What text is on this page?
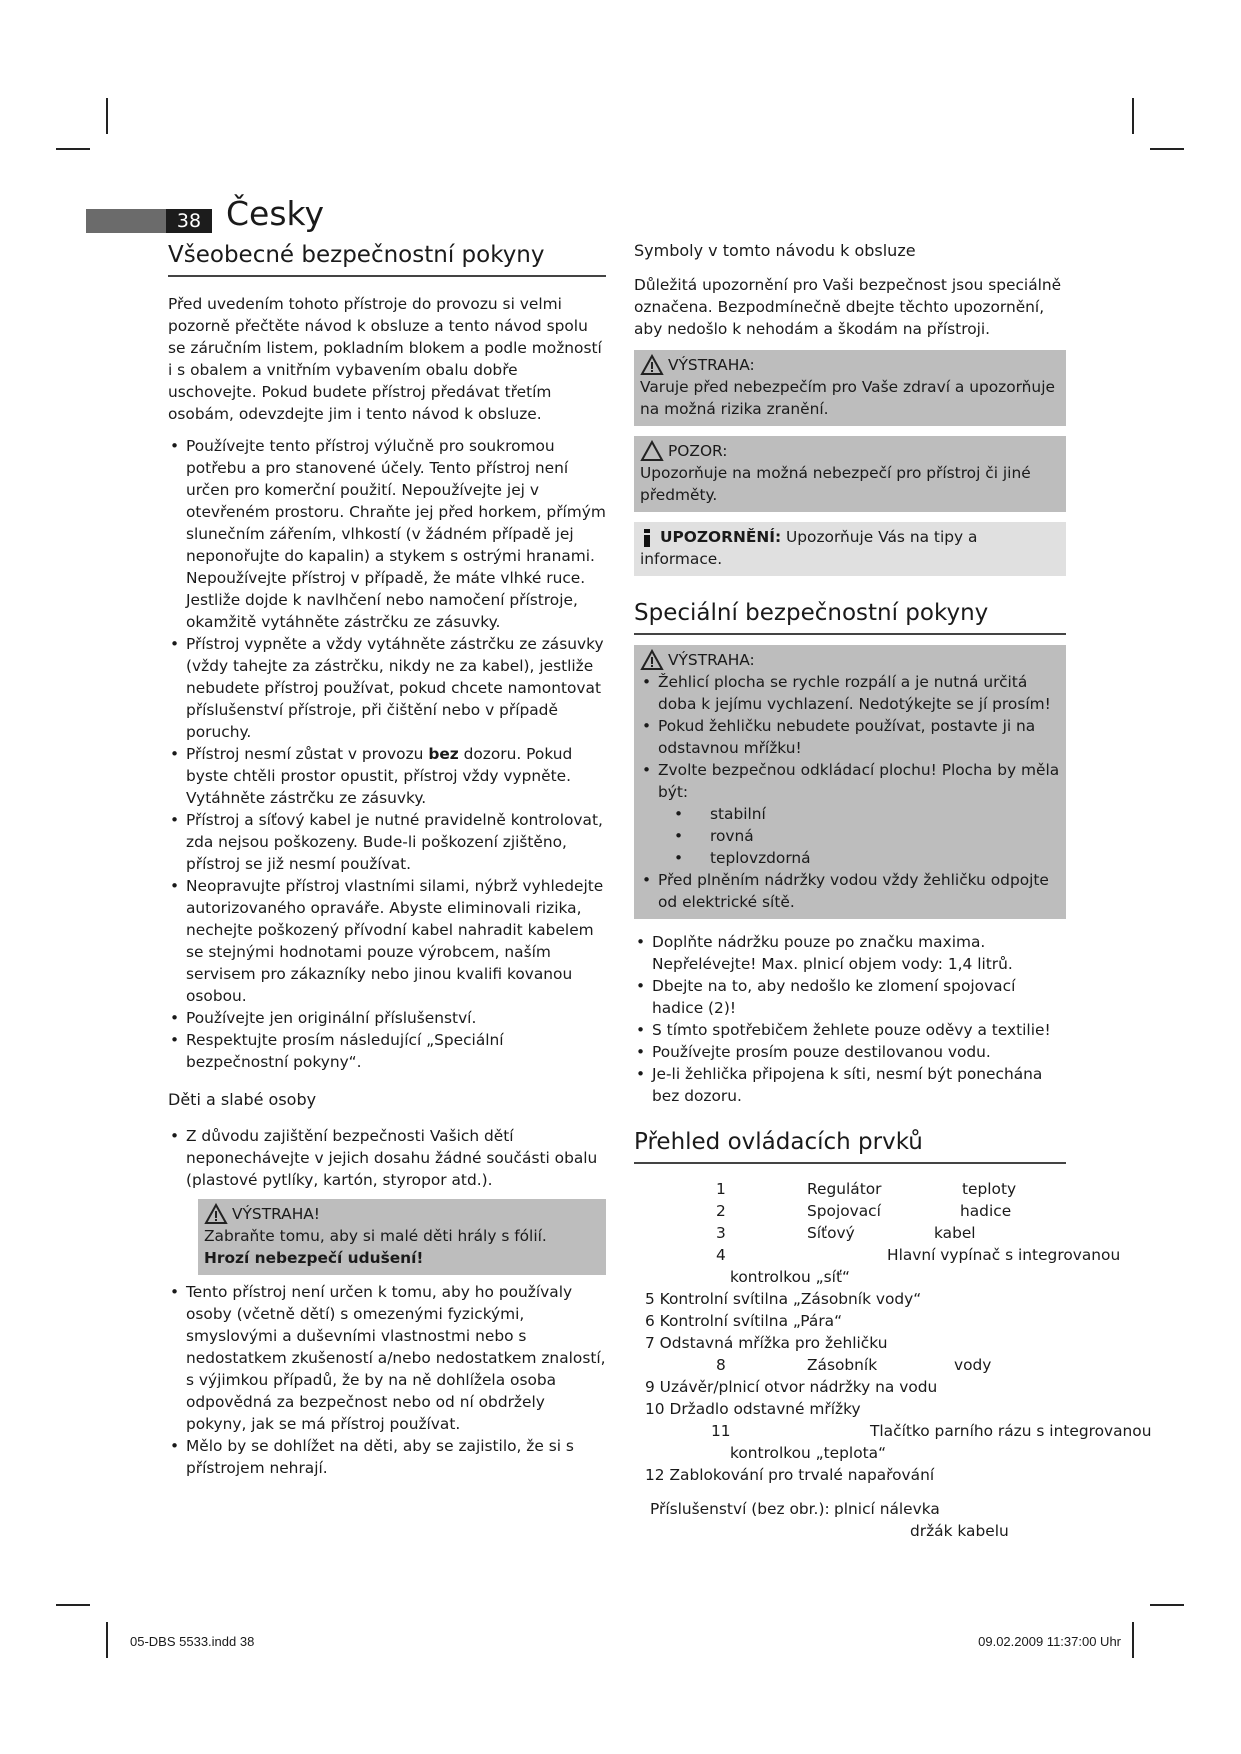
38 Česky
Všeobecné bezpečnostní pokyny

Před uvedením tohoto přístroje do provozu si velmi pozorně přečtěte návod k obsluze a tento návod spolu se záručním listem, pokladním blokem a podle možností i s obalem a vnitřním vybavením obalu dobře uschovejte. Pokud budete přístroj předávat třetím osobám, odevzdejte jim i tento návod k obsluze.

• Používejte tento přístroj výlučně pro soukromou potřebu a pro stanovené účely. Tento přístroj není určen pro komerční použití. Nepoužívejte jej v otevřeném prostoru. Chraňte jej před horkem, přímým slunečním zářením, vlhkostí (v žádném případě jej neponořujte do kapalin) a stykem s ostrými hranami. Nepoužívejte přístroj v případě, že máte vlhké ruce. Jestliže dojde k navlhčení nebo namočení přístroje, okamžitě vytáhněte zástrčku ze zásuvky.
• Přístroj vypněte a vždy vytáhněte zástrčku ze zásuvky (vždy tahejte za zástrčku, nikdy ne za kabel), jestliže nebudete přístroj používat, pokud chcete namontovat příslušenství přístroje, při čištění nebo v případě poruchy.
• Přístroj nesmí zůstat v provozu bez dozoru. Pokud byste chtěli prostor opustit, přístroj vždy vypněte. Vytáhněte zástrčku ze zásuvky.
• Přístroj a síťový kabel je nutné pravidelně kontrolovat, zda nejsou poškozeny. Bude-li poškození zjištěno, přístroj se již nesmí používat.
• Neopravujte přístroj vlastními silami, nýbrž vyhledejte autorizovaného opraváře. Abyste eliminovali rizika, nechejte poškozený přívodní kabel nahradit kabelem se stejnými hodnotami pouze výrobcem, naším servisem pro zákazníky nebo jinou kvalifi kovanou osobou.
• Používejte jen originální příslušenství.
• Respektujte prosím následující „Speciální bezpečnostní pokyny“.

Děti a slabé osoby

• Z důvodu zajištění bezpečnosti Vašich dětí neponechávejte v jejich dosahu žádné součásti obalu (plastové pytlíky, kartón, styropor atd.).
VÝSTRAHA!

Zabraňte tomu, aby si malé děti hrály s fólií.

Hrozí nebezpečí udušení!

• Tento přístroj není určen k tomu, aby ho používaly osoby (včetně dětí) s omezenými fyzickými, smyslovými a duševními vlastnostmi nebo s nedostatkem zkušeností a/nebo nedostatkem znalostí, s výjimkou případů, že by na ně dohlížela osoba odpovědná za bezpečnost nebo od ní obdržely pokyny, jak se má přístroj používat.
• Mělo by se dohlížet na děti, aby se zajistilo, že si s přístrojem nehrají.

Symboly v tomto návodu k obsluze

Důležitá upozornění pro Vaši bezpečnost jsou speciálně označena. Bezpodmínečně dbejte těchto upozornění, aby nedošlo k nehodám a škodám na přístroji.

VÝSTRAHA:

Varuje před nebezpečím pro Vaše zdraví a upozorňuje na možná rizika zranění.

POZOR:

Upozorňuje na možná nebezpečí pro přístroj či jiné předměty.

UPOZORNĚNÍ: Upozorňuje Vás na tipy a informace.
Speciální bezpečnostní pokyny
VÝSTRAHA:
• Žehlicí plocha se rychle rozpálí a je nutná určitá doba k jejímu vychlazení. Nedotýkejte se jí prosím!
• Pokud žehličku nebudete používat, postavte ji na odstavnou mřížku!
• Zvolte bezpečnou odkládací plochu! Plocha by měla být:
• stabilní
• rovná
• teplovzdorná
• Před plněním nádržky vodou vždy žehličku odpojte od elektrické sítě.
• Doplňte nádržku pouze po značku maxima. Nepřelévejte! Max. plnicí objem vody: 1,4 litrů.
• Dbejte na to, aby nedošlo ke zlomení spojovací hadice (2)!
• S tímto spotřebičem žehlete pouze oděvy a textilie!
• Používejte prosím pouze destilovanou vodu.
• Je-li žehlička připojena k síti, nesmí být ponechána bez dozoru.
Přehled ovládacích prvků
1	Regulátor	teploty
2	Spojovací	hadice
3	Síťový	kabel
4	Hlavní vypínač s integrovanou
kontrolkou „síť“
5 Kontrolní svítilna „Zásobník vody“
6 Kontrolní svítilna „Pára“
7 Odstavná mřížka pro žehličku
8	Zásobník	vody
9 Uzávěr/plnicí otvor nádržky na vodu
10 Držadlo odstavné mřížky
11	Tlačítko parního rázu s integrovanou
kontrolkou „teplota“
12 Zablokování pro trvalé napařování
Příslušenství (bez obr.): plnicí nálevka
držák kabelu
05-DBS 5533.indd 38	09.02.2009 11:37:00 Uhr
